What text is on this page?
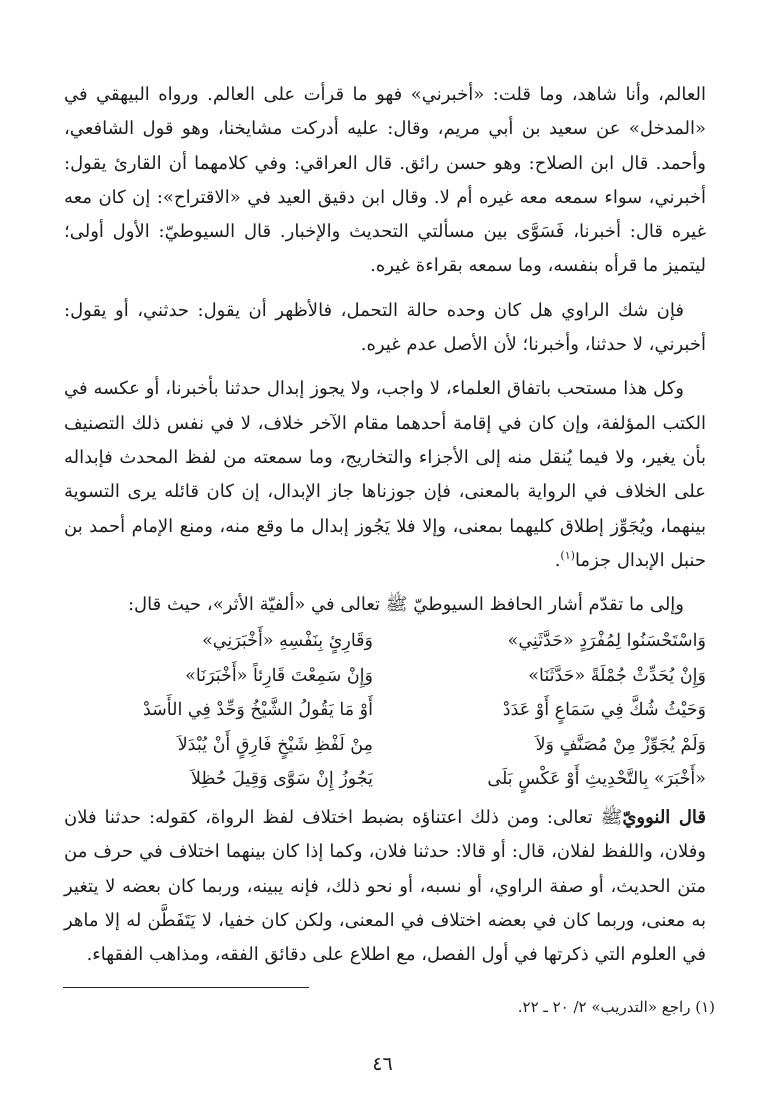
العالم، وأنا شاهد، وما قلت: «أخبرني» فهو ما قرأت على العالم. ورواه البيهقي في «المدخل» عن سعيد بن أبي مريم، وقال: عليه أدركت مشايخنا، وهو قول الشافعي، وأحمد. قال ابن الصلاح: وهو حسن رائق. قال العراقي: وفي كلامهما أن القارئ يقول: أخبرني، سواء سمعه معه غيره أم لا. وقال ابن دقيق العيد في «الاقتراح»: إن كان معه غيره قال: أخبرنا، فَسَوَّى بين مسألتي التحديث والإخبار. قال السيوطيّ: الأول أولى؛ ليتميز ما قرأه بنفسه، وما سمعه بقراءة غيره.

فإن شك الراوي هل كان وحده حالة التحمل، فالأظهر أن يقول: حدثني، أو يقول: أخبرني، لا حدثنا، وأخبرنا؛ لأن الأصل عدم غيره.

وكل هذا مستحب باتفاق العلماء، لا واجب، ولا يجوز إبدال حدثنا بأخبرنا، أو عكسه في الكتب المؤلفة، وإن كان في إقامة أحدهما مقام الآخر خلاف، لا في نفس ذلك التصنيف بأن يغير، ولا فيما يُنقل منه إلى الأجزاء والتخاريج، وما سمعته من لفظ المحدث فإبداله على الخلاف في الرواية بالمعنى، فإن جوزناها جاز الإبدال، إن كان قائله يرى التسوية بينهما، ويُجَوِّز إطلاق كليهما بمعنى، وإلا فلا يَجُوز إبدال ما وقع منه، ومنع الإمام أحمد بن حنبل الإبدال جزما$^{(١)}$.

وإلى ما تقدّم أشار الحافظ السيوطيّ ﷺ تعالى في «ألفيّة الأثر»، حيث قال:

وَاسْتَحْسَنُوا لِمُفْرَدٍ «حَدَّثَنِي»
وَقَارِئٍ بِنَفْسِهِ «أَخْبَرَنِي»
وَإِنْ يُحَدِّثْ جُمْلَةً «حَدَّثَنَا»
وَإِنْ سَمِعْتَ قَارِئاً «أَخْبَرَنَا»
وَحَيْثُ شُكَّ فِي سَمَاعٍ أَوْ عَدَدْ
أَوْ مَا يَقُولُ الشَّيْخُ وَحِّدْ فِي الأَسَدْ
وَلَمْ يُجَوِّزْ مِنْ مُصَنَّفٍ وَلاَ
مِنْ لَفْظِ شَيْخٍ فَارِقٍ أَنْ يُبْدَلاَ
«أَخْبَرَ» بِالتَّحْدِيثِ أَوْ عَكْسٍ بَلَى
يَجُوزُ إِنْ سَوَّى وَقِيلَ حُظِلاَ

قال النوويّﷺ تعالى: ومن ذلك اعتناؤه بضبط اختلاف لفظ الرواة، كقوله: حدثنا فلان وفلان، واللفظ لفلان، قال: أو قالا: حدثنا فلان، وكما إذا كان بينهما اختلاف في حرف من متن الحديث، أو صفة الراوي، أو نسبه، أو نحو ذلك، فإنه يبينه، وربما كان بعضه لا يتغير به معنى، وربما كان في بعضه اختلاف في المعنى، ولكن كان خفيا، لا يَتَفَطَّن له إلا ماهر في العلوم التي ذكرتها في أول الفصل، مع اطلاع على دقائق الفقه، ومذاهب الفقهاء.

(١) راجع «التدريب» ٢/ ٢٠ ـ ٢٢.

٤٦
